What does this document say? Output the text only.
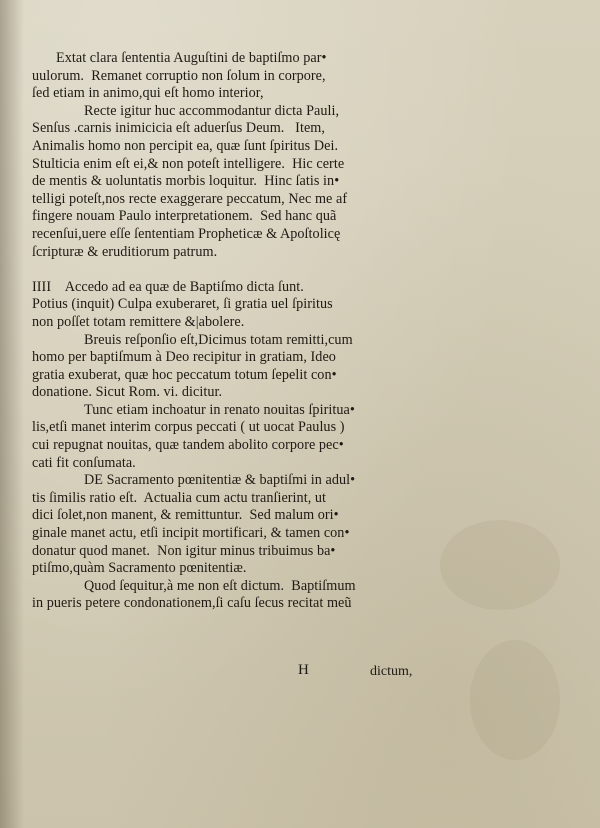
Extat clara ſententia Auguſtini de baptiſmo par•
uulorum.  Remanet corruptio non ſolum in corpore,
ſed etiam in animo,qui eſt homo interior,
Recte igitur huc accommodantur dicta Pauli,
Senſus .carnis inimicicia eſt aduerſus Deum.   Item,
Animalis homo non percipit ea, quæ ſunt ſpiritus Dei.
Stulticia enim eſt ei,& non poteſt intelligere.  Hic certe
de mentis & uoluntatis morbis loquitur.  Hinc ſatis in•
telligi poteſt,nos recte exaggerare peccatum, Nec me af
fingere nouam Paulo interpretationem.  Sed hanc quã
recenſui,uere eſſe ſententiam Propheticæ & Apoſtolicę
ſcripturæ & eruditiorum patrum.
IIII    Accedo ad ea quæ de Baptiſmo dicta ſunt.
Potius (inquit) Culpa exuberaret, ſi gratia uel ſpiritus
non poſſet totam remittere &|abolere.
Breuis reſponſio eſt,Dicimus totam remitti,cum
homo per baptiſmum à Deo recipitur in gratiam, Ideo
gratia exuberat, quæ hoc peccatum totum ſepelit con•
donatione. Sicut Rom. vi. dicitur.
Tunc etiam inchoatur in renato nouitas ſpiritua•
lis,etſi manet interim corpus peccati ( ut uocat Paulus )
cui repugnat nouitas, quæ tandem abolito corpore pec•
cati fit conſumata.
DE Sacramento pœnitentiæ & baptiſmi in adul•
tis ſimilis ratio eſt.  Actualia cum actu tranſierint, ut
dici ſolet,non manent, & remittuntur.  Sed malum ori•
ginale manet actu, etſi incipit mortificari, & tamen con•
donatur quod manet.  Non igitur minus tribuimus ba•
ptiſmo,quàm Sacramento pœnitentiæ.
Quod ſequitur,à me non eſt dictum.  Baptiſmum
in pueris petere condonationem,ſi caſu ſecus recitat meũ
H	dictum,
